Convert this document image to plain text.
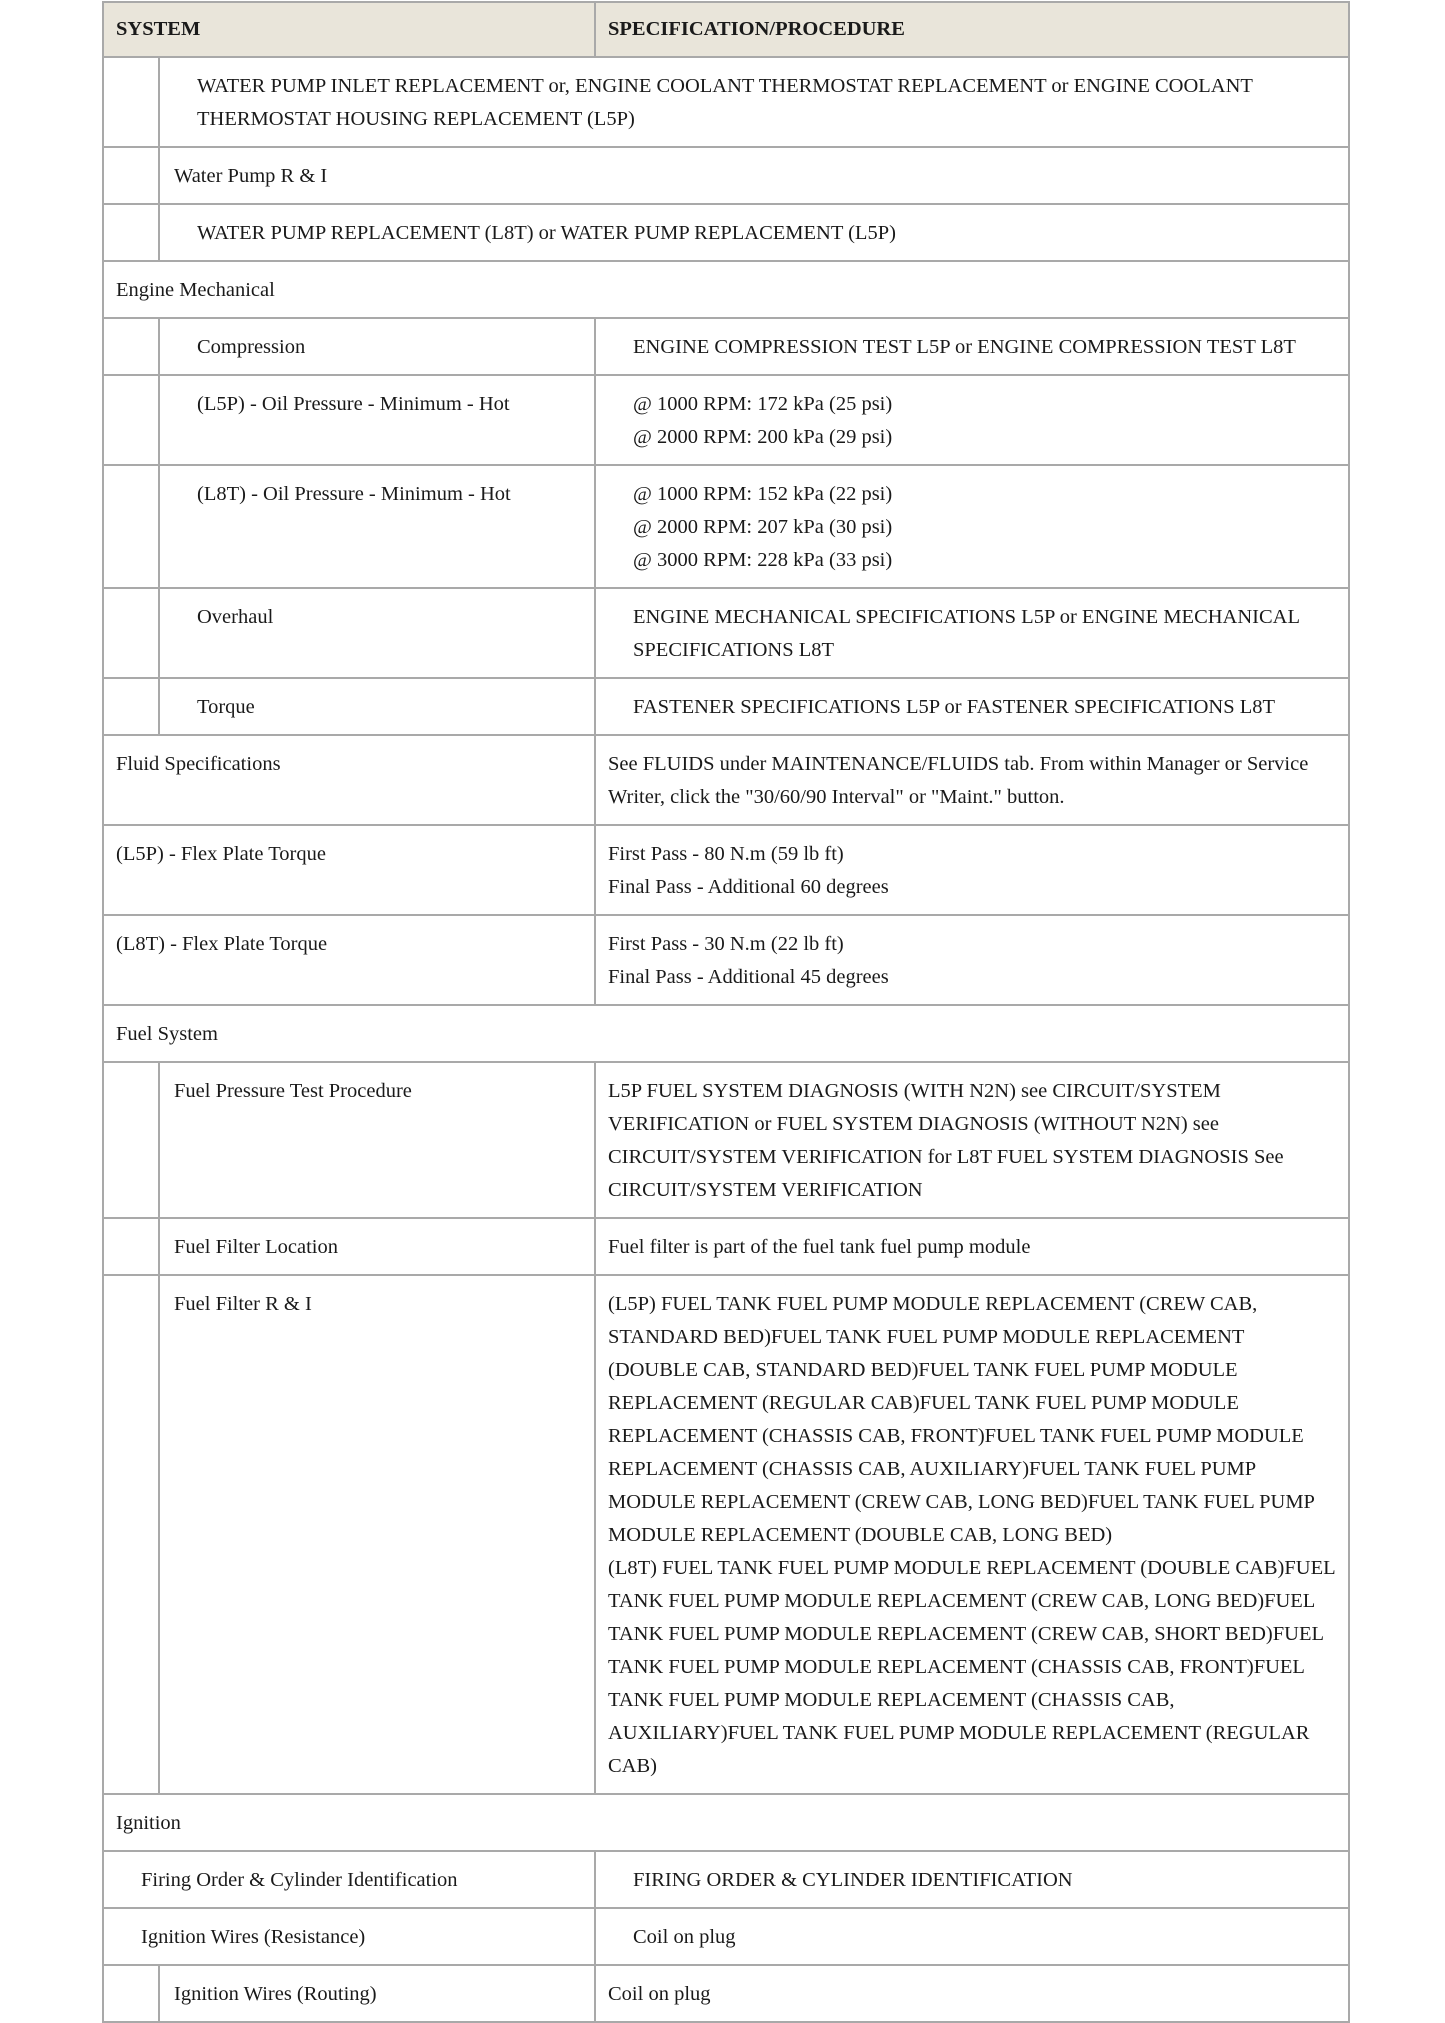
SYSTEM		SPECIFICATION/PROCEDURE
	WATER PUMP INLET REPLACEMENT or, ENGINE COOLANT THERMOSTAT REPLACEMENT or ENGINE COOLANT THERMOSTAT HOUSING REPLACEMENT (L5P)	
	Water Pump R & I	
	WATER PUMP REPLACEMENT (L8T) or WATER PUMP REPLACEMENT (L5P)	
Engine Mechanical		
	Compression	ENGINE COMPRESSION TEST L5P or ENGINE COMPRESSION TEST L8T
	(L5P) - Oil Pressure - Minimum - Hot	@ 1000 RPM: 172 kPa (25 psi)
@ 2000 RPM: 200 kPa (29 psi)

	(L8T) - Oil Pressure - Minimum - Hot	@ 1000 RPM: 152 kPa (22 psi)
@ 2000 RPM: 207 kPa (30 psi)
@ 3000 RPM: 228 kPa (33 psi)

	Overhaul	ENGINE MECHANICAL SPECIFICATIONS L5P or ENGINE MECHANICAL SPECIFICATIONS L8T
	Torque	FASTENER SPECIFICATIONS L5P or FASTENER SPECIFICATIONS L8T
Fluid Specifications		See FLUIDS under MAINTENANCE/FLUIDS tab. From within Manager or Service Writer, click the "30/60/90 Interval" or "Maint." button.
(L5P) - Flex Plate Torque		First Pass - 80 N.m (59 lb ft)
Final Pass - Additional 60 degrees

(L8T) - Flex Plate Torque		First Pass - 30 N.m (22 lb ft)
Final Pass - Additional 45 degrees

Fuel System		
	Fuel Pressure Test Procedure	L5P FUEL SYSTEM DIAGNOSIS (WITH N2N) see CIRCUIT/SYSTEM VERIFICATION or FUEL SYSTEM DIAGNOSIS (WITHOUT N2N) see CIRCUIT/SYSTEM VERIFICATION for L8T FUEL SYSTEM DIAGNOSIS See CIRCUIT/SYSTEM VERIFICATION
	Fuel Filter Location	Fuel filter is part of the fuel tank fuel pump module
	Fuel Filter R & I	(L5P) FUEL TANK FUEL PUMP MODULE REPLACEMENT (CREW CAB, STANDARD BED)FUEL TANK FUEL PUMP MODULE REPLACEMENT (DOUBLE CAB, STANDARD BED)FUEL TANK FUEL PUMP MODULE REPLACEMENT (REGULAR CAB)FUEL TANK FUEL PUMP MODULE REPLACEMENT (CHASSIS CAB, FRONT)FUEL TANK FUEL PUMP MODULE REPLACEMENT (CHASSIS CAB, AUXILIARY)FUEL TANK FUEL PUMP MODULE REPLACEMENT (CREW CAB, LONG BED)FUEL TANK FUEL PUMP MODULE REPLACEMENT (DOUBLE CAB, LONG BED)
(L8T) FUEL TANK FUEL PUMP MODULE REPLACEMENT (DOUBLE CAB)FUEL TANK FUEL PUMP MODULE REPLACEMENT (CREW CAB, LONG BED)FUEL TANK FUEL PUMP MODULE REPLACEMENT (CREW CAB, SHORT BED)FUEL TANK FUEL PUMP MODULE REPLACEMENT (CHASSIS CAB, FRONT)FUEL TANK FUEL PUMP MODULE REPLACEMENT (CHASSIS CAB, AUXILIARY)FUEL TANK FUEL PUMP MODULE REPLACEMENT (REGULAR CAB)

Ignition		
Firing Order & Cylinder Identification		FIRING ORDER & CYLINDER IDENTIFICATION
Ignition Wires (Resistance)		Coil on plug
	Ignition Wires (Routing)	Coil on plug
